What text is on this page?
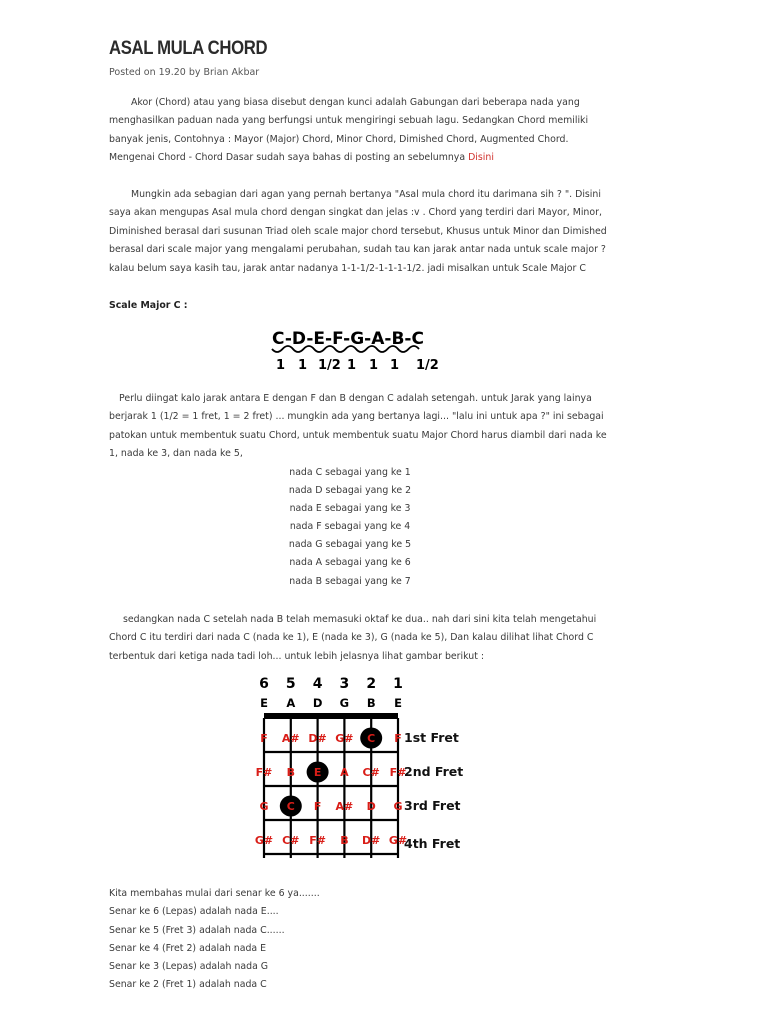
ASAL MULA CHORD
Posted on 19.20 by Brian Akbar

Akor (Chord) atau yang biasa disebut dengan kunci adalah Gabungan dari beberapa nada yang menghasilkan paduan nada yang berfungsi untuk mengiringi sebuah lagu. Sedangkan Chord memiliki banyak jenis, Contohnya : Mayor (Major) Chord, Minor Chord, Dimished Chord, Augmented Chord. Mengenai Chord - Chord Dasar sudah saya bahas di posting an sebelumnya Disini

Mungkin ada sebagian dari agan yang pernah bertanya "Asal mula chord itu darimana sih ? ". Disini saya akan mengupas Asal mula chord dengan singkat dan jelas :v . Chord yang terdiri dari Mayor, Minor, Diminished berasal dari susunan Triad oleh scale major chord tersebut, Khusus untuk Minor dan Dimished berasal dari scale major yang mengalami perubahan, sudah tau kan jarak antar nada untuk scale major ? kalau belum saya kasih tau, jarak antar nadanya 1-1-1/2-1-1-1-1/2. jadi misalkan untuk Scale Major C

Scale Major C :

C-D-E-F-G-A-B-C
1 1 1/2 1 1 1 1/2

Perlu diingat kalo jarak antara E dengan F dan B dengan C adalah setengah. untuk Jarak yang lainya berjarak 1 (1/2 = 1 fret, 1 = 2 fret) ... mungkin ada yang bertanya lagi... "lalu ini untuk apa ?" ini sebagai patokan untuk membentuk suatu Chord, untuk membentuk suatu Major Chord harus diambil dari nada ke 1, nada ke 3, dan nada ke 5,

nada C sebagai yang ke 1
nada D sebagai yang ke 2
nada E sebagai yang ke 3
nada F sebagai yang ke 4
nada G sebagai yang ke 5
nada A sebagai yang ke 6
nada B sebagai yang ke 7

sedangkan nada C setelah nada B telah memasuki oktaf ke dua.. nah dari sini kita telah mengetahui Chord C itu terdiri dari nada C (nada ke 1), E (nada ke 3), G (nada ke 5), Dan kalau dilihat lihat Chord C terbentuk dari ketiga nada tadi loh... untuk lebih jelasnya lihat gambar berikut :

6 5 4 3 2 1
E A D G B E
F A# D# G# C F
F# B E A C# F#
G C F A# D G
G# C# F# B D# G#
1st Fret
2nd Fret
3rd Fret
4th Fret
Kita membahas mulai dari senar ke 6 ya.......
Senar ke 6 (Lepas) adalah nada E....
Senar ke 5 (Fret 3) adalah nada C......
Senar ke 4 (Fret 2) adalah nada E
Senar ke 3 (Lepas) adalah nada G
Senar ke 2 (Fret 1) adalah nada C
